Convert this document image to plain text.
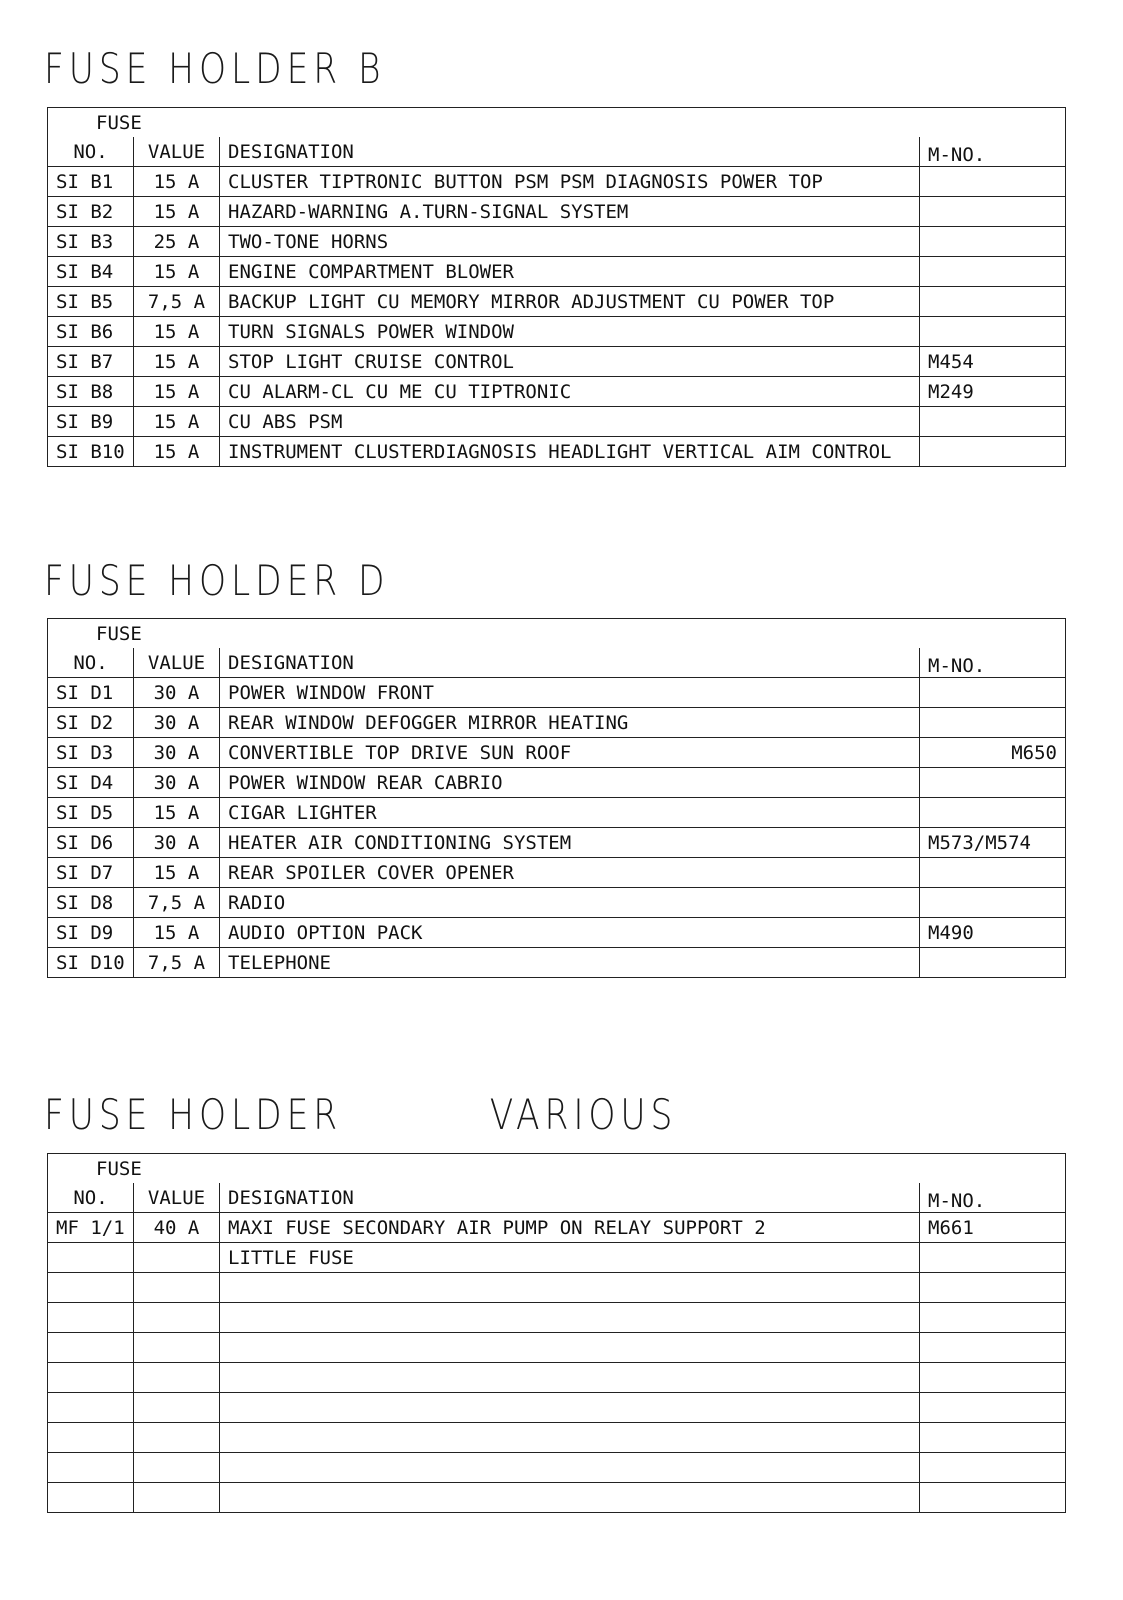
FUSE HOLDER B
FUSE			
NO.	VALUE	DESIGNATION	M-NO.
SI B1	15 A	CLUSTER TIPTRONIC BUTTON PSM PSM DIAGNOSIS POWER TOP	
SI B2	15 A	HAZARD-WARNING A.TURN-SIGNAL SYSTEM	
SI B3	25 A	TWO-TONE HORNS	
SI B4	15 A	ENGINE COMPARTMENT BLOWER	
SI B5	7,5 A	BACKUP LIGHT CU MEMORY MIRROR ADJUSTMENT CU POWER TOP	
SI B6	15 A	TURN SIGNALS POWER WINDOW	
SI B7	15 A	STOP LIGHT CRUISE CONTROL	M454
SI B8	15 A	CU ALARM-CL CU ME CU TIPTRONIC	M249
SI B9	15 A	CU ABS PSM	
SI B10	15 A	INSTRUMENT CLUSTERDIAGNOSIS HEADLIGHT VERTICAL AIM CONTROL	
FUSE HOLDER D
FUSE			
NO.	VALUE	DESIGNATION	M-NO.
SI D1	30 A	POWER WINDOW FRONT	
SI D2	30 A	REAR WINDOW DEFOGGER MIRROR HEATING	
SI D3	30 A	CONVERTIBLE TOP DRIVE SUN ROOF	M650
SI D4	30 A	POWER WINDOW REAR CABRIO	
SI D5	15 A	CIGAR LIGHTER	
SI D6	30 A	HEATER AIR CONDITIONING SYSTEM	M573/M574
SI D7	15 A	REAR SPOILER COVER OPENER	
SI D8	7,5 A	RADIO	
SI D9	15 A	AUDIO OPTION PACK	M490
SI D10	7,5 A	TELEPHONE	
FUSE HOLDER	VARIOUS
FUSE			
NO.	VALUE	DESIGNATION	M-NO.
MF 1/1	40 A	MAXI FUSE SECONDARY AIR PUMP ON RELAY SUPPORT 2	M661
		LITTLE FUSE	
